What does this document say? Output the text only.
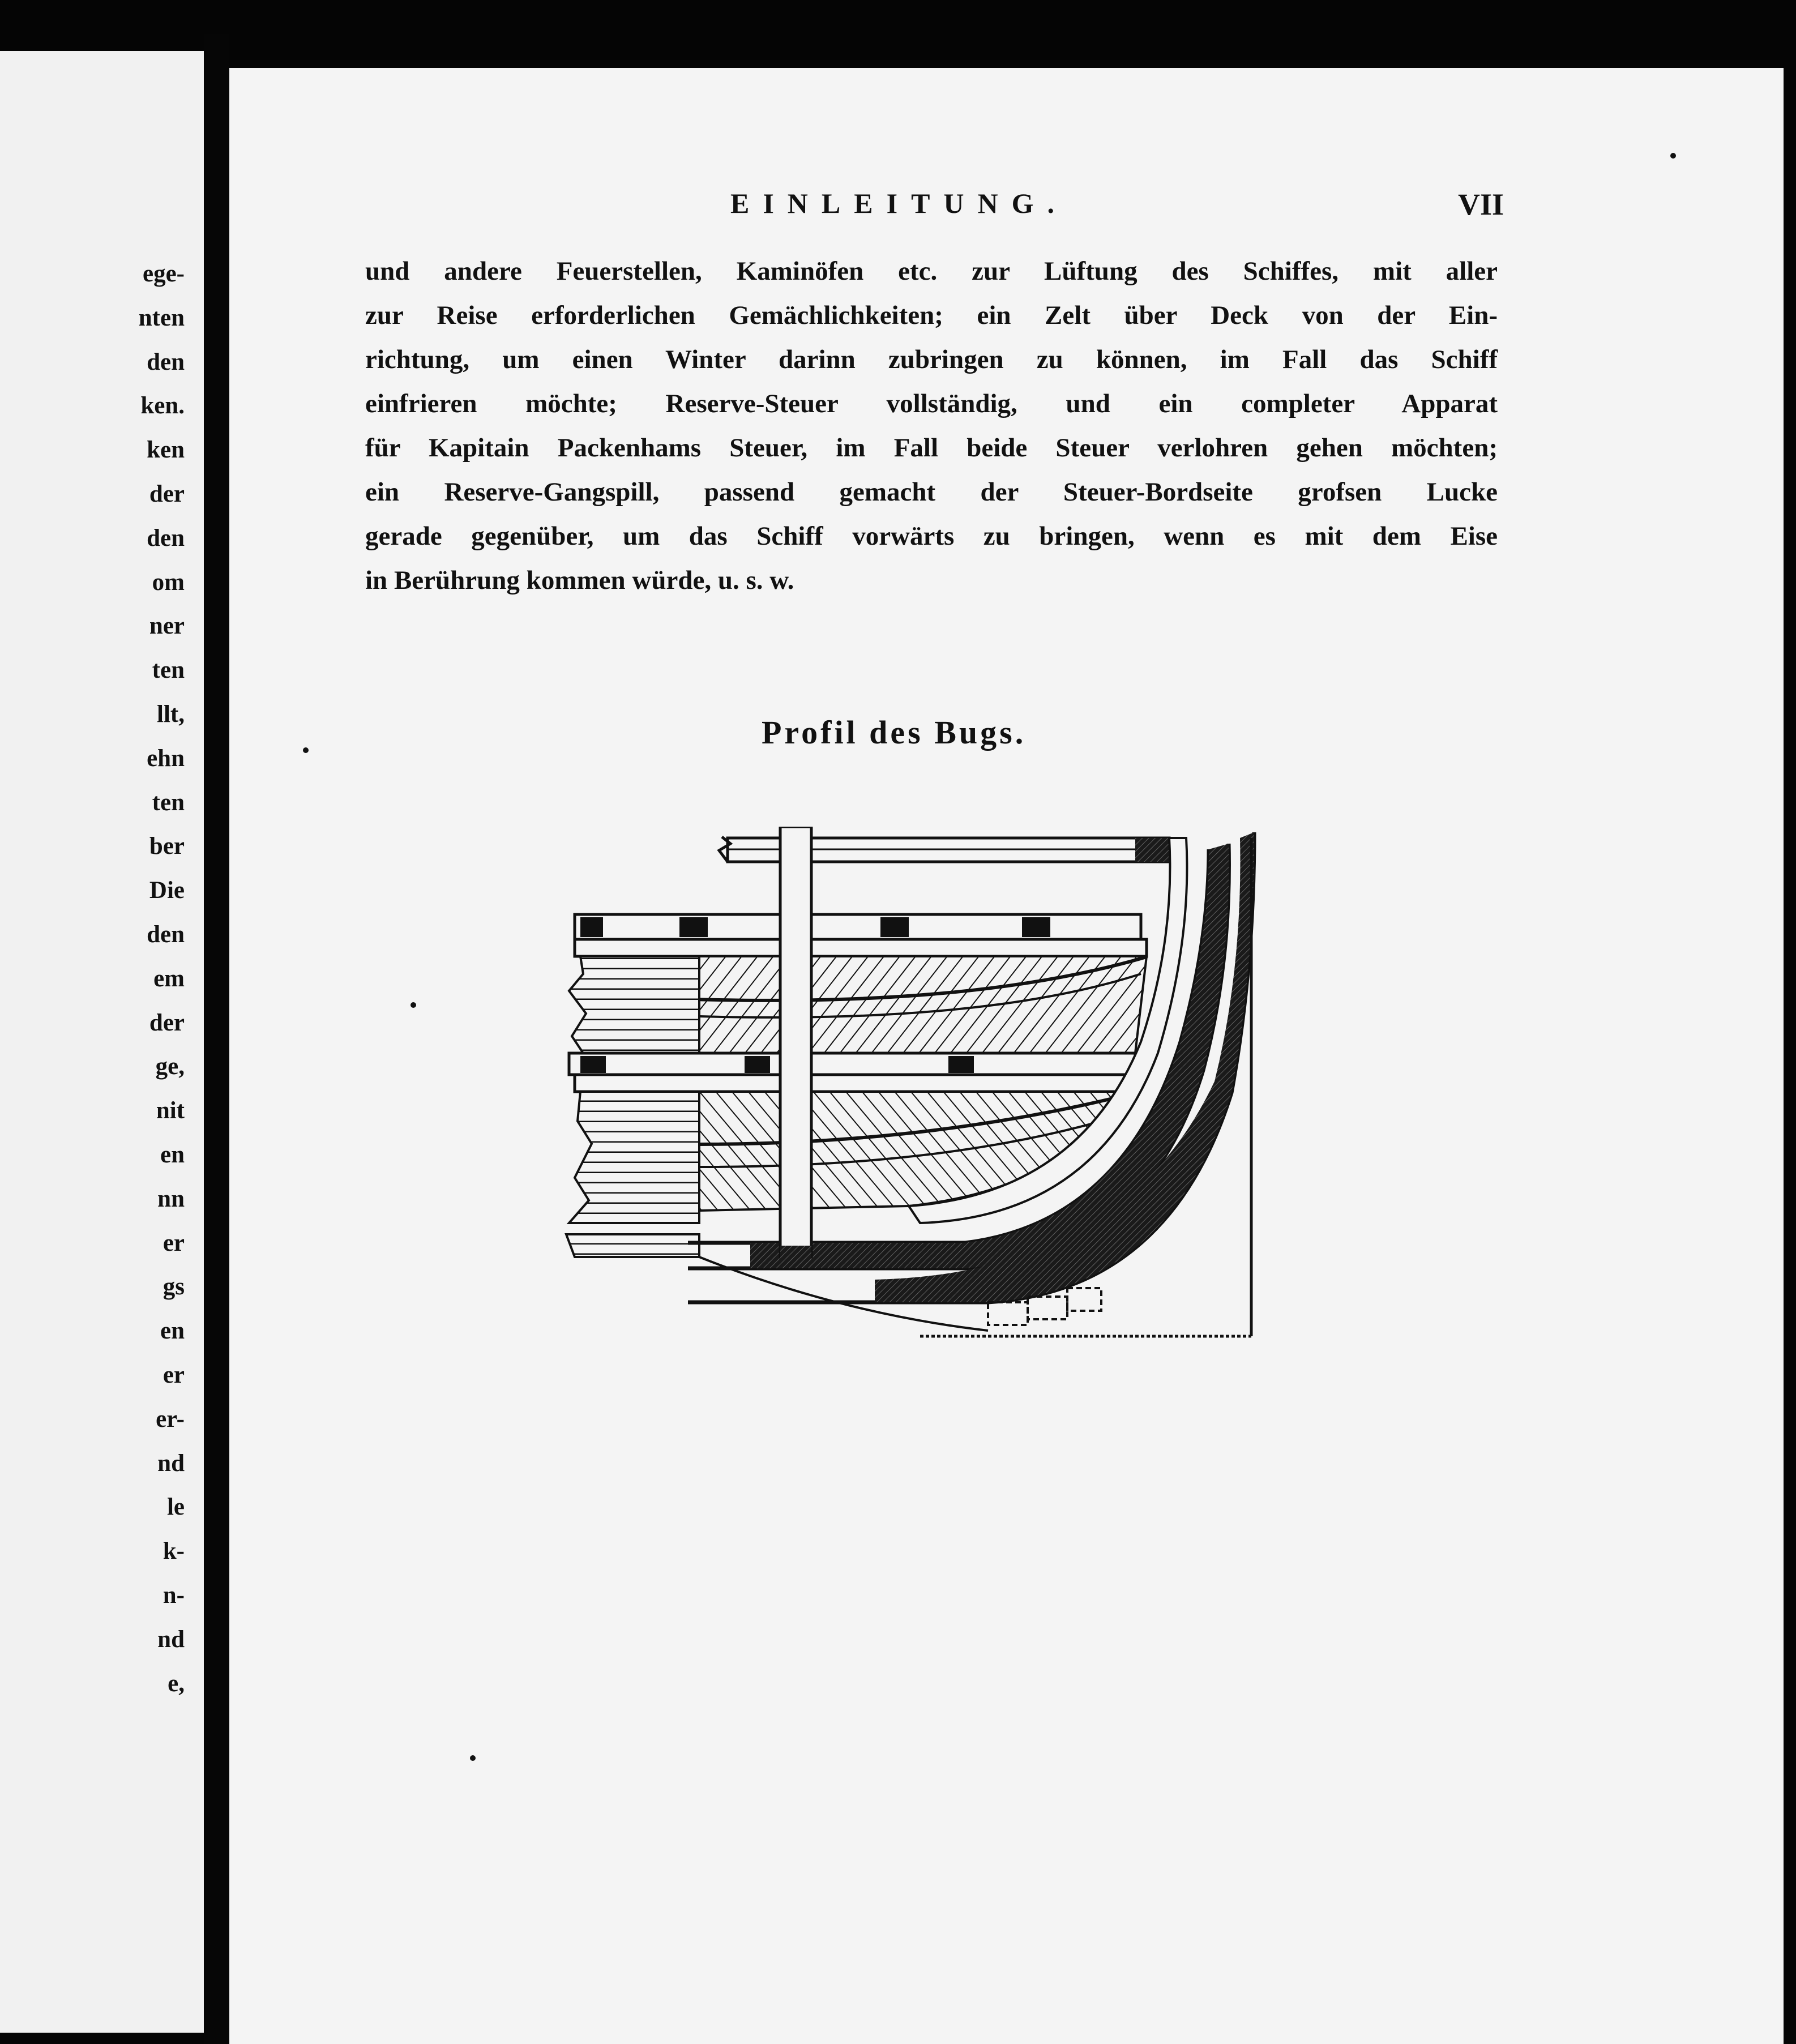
ege-
nten
den
ken.
ken
der
den
om
ner
ten
llt,
ehn
ten
ber
Die
den
em
der
ge,
nit
en
nn
er
gs
en
er
er-
nd
le
k-
n-
nd
e,
EINLEITUNG.	VII
und andere Feuerstellen, Kaminöfen etc. zur Lüftung des Schiffes, mit aller
zur Reise erforderlichen Gemächlichkeiten; ein Zelt über Deck von der Ein-
richtung, um einen Winter darinn zubringen zu können, im Fall das Schiff
einfrieren möchte; Reserve-Steuer vollständig, und ein completer Apparat
für Kapitain Packenhams Steuer, im Fall beide Steuer verlohren gehen möchten;
ein Reserve-Gangspill, passend gemacht der Steuer-Bordseite grofsen Lucke
gerade gegenüber, um das Schiff vorwärts zu bringen, wenn es mit dem Eise
in Berührung kommen würde, u. s. w.
Profil des Bugs.
